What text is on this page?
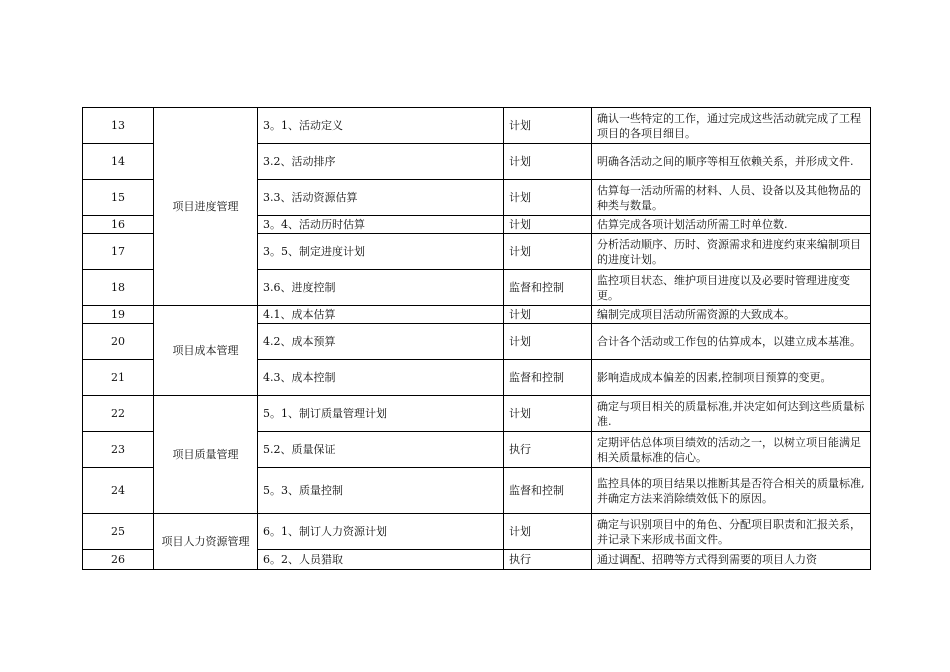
13	项目进度管理	3。1、活动定义	计划	确认一些特定的工作，通过完成这些活动就完成了工程项目的各项目细目。
14		3.2、活动排序	计划	明确各活动之间的顺序等相互依赖关系，并形成文件.
15		3.3、活动资源估算	计划	估算每一活动所需的材料、人员、设备以及其他物品的种类与数量。
16		3。4、活动历时估算	计划	估算完成各项计划活动所需工时单位数.
17		3。5、制定进度计划	计划	分析活动顺序、历时、资源需求和进度约束来编制项目的进度计划。
18		3.6、进度控制	监督和控制	监控项目状态、维护项目进度以及必要时管理进度变更。
19	项目成本管理	4.1、成本估算	计划	编制完成项目活动所需资源的大致成本。
20		4.2、成本预算	计划	合计各个活动或工作包的估算成本，以建立成本基准。
21		4.3、成本控制	监督和控制	影响造成成本偏差的因素,控制项目预算的变更。
22	项目质量管理	5。1、制订质量管理计划	计划	确定与项目相关的质量标准,并决定如何达到这些质量标准.
23		5.2、质量保证	执行	定期评估总体项目绩效的活动之一，以树立项目能满足相关质量标准的信心。
24		5。3、质量控制	监督和控制	监控具体的项目结果以推断其是否符合相关的质量标准,并确定方法来消除绩效低下的原因。
25	项目人力资源管理	6。1、制订人力资源计划	计划	确定与识别项目中的角色、分配项目职责和汇报关系，并记录下来形成书面文件。
26		6。2、人员猎取	执行	通过调配、招聘等方式得到需要的项目人力资
